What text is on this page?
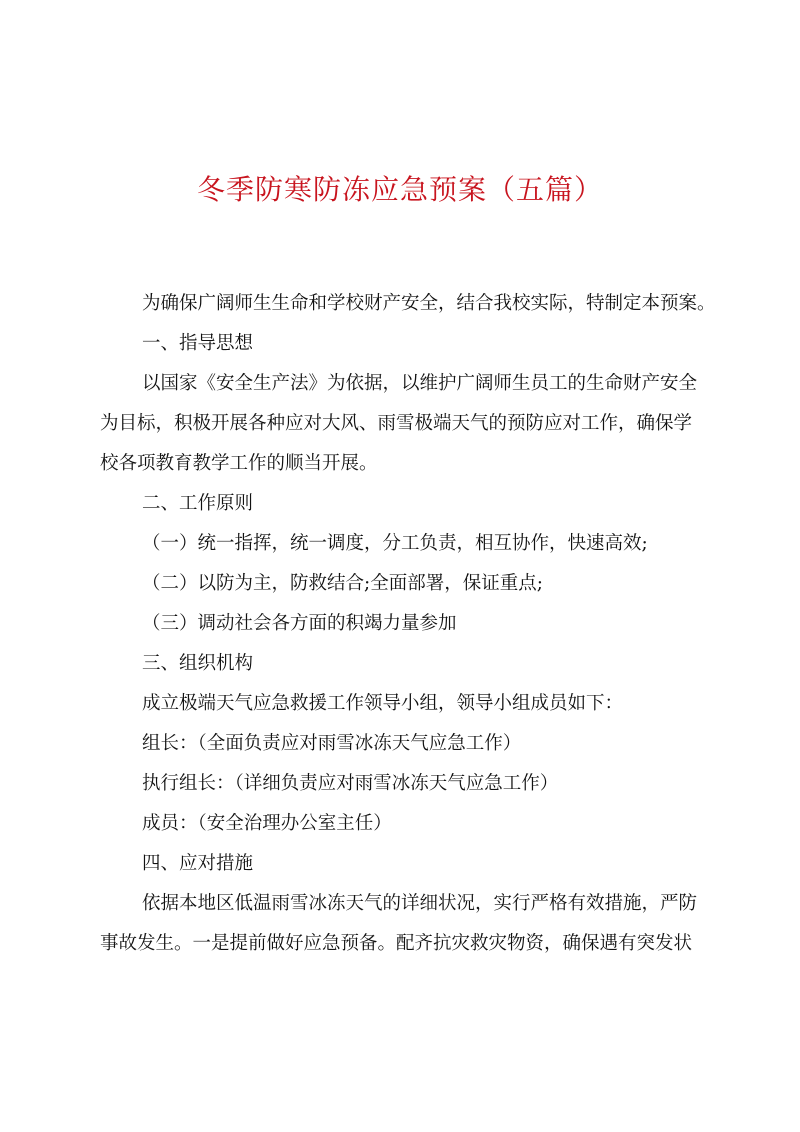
冬季防寒防冻应急预案（五篇）
为确保广阔师生生命和学校财产安全，结合我校实际，特制定本预案。
一、指导思想
以国家《安全生产法》为依据，以维护广阔师生员工的生命财产安全
为目标，积极开展各种应对大风、雨雪极端天气的预防应对工作，确保学
校各项教育教学工作的顺当开展。
二、工作原则
（一）统一指挥，统一调度，分工负责，相互协作，快速高效;
（二）以防为主，防救结合;全面部署，保证重点;
（三）调动社会各方面的积竭力量参加
三、组织机构
成立极端天气应急救援工作领导小组，领导小组成员如下：
组长：（全面负责应对雨雪冰冻天气应急工作）
执行组长：（详细负责应对雨雪冰冻天气应急工作）
成员：（安全治理办公室主任）
四、应对措施
依据本地区低温雨雪冰冻天气的详细状况，实行严格有效措施，严防
事故发生。一是提前做好应急预备。配齐抗灾救灾物资，确保遇有突发状
